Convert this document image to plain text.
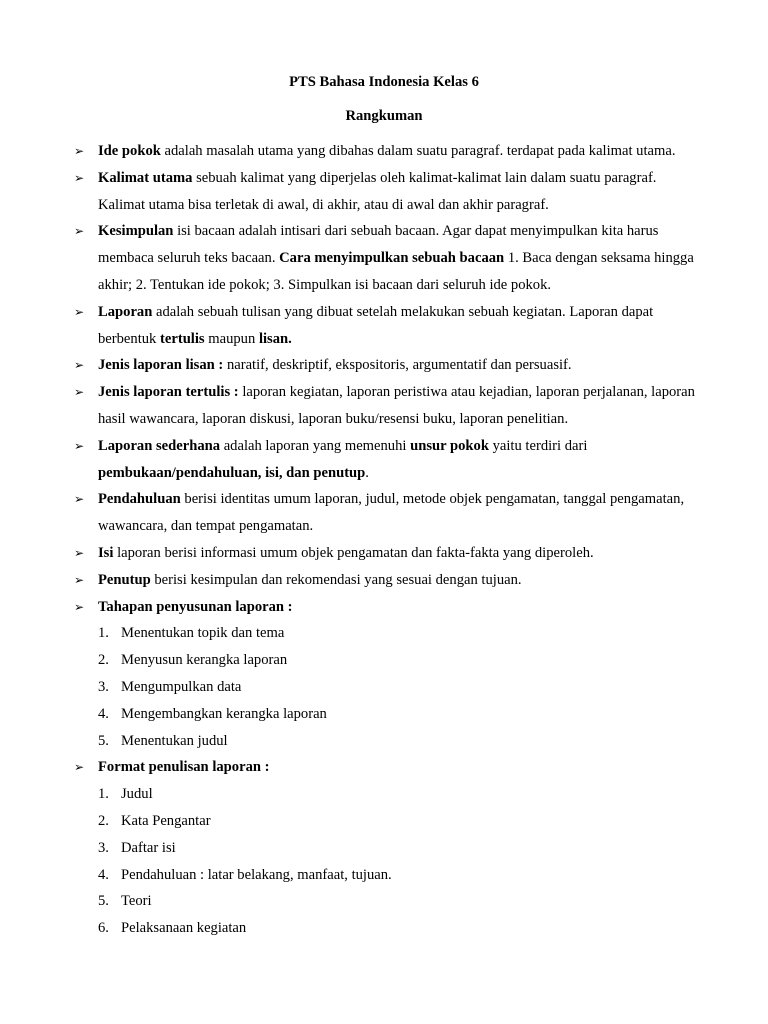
PTS Bahasa Indonesia Kelas 6
Rangkuman
➢ Ide pokok adalah masalah utama yang dibahas dalam suatu paragraf. terdapat pada kalimat utama.
➢ Kalimat utama sebuah kalimat yang diperjelas oleh kalimat-kalimat lain dalam suatu paragraf. Kalimat utama bisa terletak di awal, di akhir, atau di awal dan akhir paragraf.
➢ Kesimpulan isi bacaan adalah intisari dari sebuah bacaan. Agar dapat menyimpulkan kita harus membaca seluruh teks bacaan. Cara menyimpulkan sebuah bacaan 1. Baca dengan seksama hingga akhir; 2. Tentukan ide pokok; 3. Simpulkan isi bacaan dari seluruh ide pokok.
➢ Laporan adalah sebuah tulisan yang dibuat setelah melakukan sebuah kegiatan. Laporan dapat berbentuk tertulis maupun lisan.
➢ Jenis laporan lisan : naratif, deskriptif, ekspositoris, argumentatif dan persuasif.
➢ Jenis laporan tertulis : laporan kegiatan, laporan peristiwa atau kejadian, laporan perjalanan, laporan hasil wawancara, laporan diskusi, laporan buku/resensi buku, laporan penelitian.
➢ Laporan sederhana adalah laporan yang memenuhi unsur pokok yaitu terdiri dari pembukaan/pendahuluan, isi, dan penutup.
➢ Pendahuluan berisi identitas umum laporan, judul, metode objek pengamatan, tanggal pengamatan, wawancara, dan tempat pengamatan.
➢ Isi laporan berisi informasi umum objek pengamatan dan fakta-fakta yang diperoleh.
➢ Penutup berisi kesimpulan dan rekomendasi yang sesuai dengan tujuan.
➢ Tahapan penyusunan laporan :
1. Menentukan topik dan tema
2. Menyusun kerangka laporan
3. Mengumpulkan data
4. Mengembangkan kerangka laporan
5. Menentukan judul
➢ Format penulisan laporan :
1. Judul
2. Kata Pengantar
3. Daftar isi
4. Pendahuluan : latar belakang, manfaat, tujuan.
5. Teori
6. Pelaksanaan kegiatan
